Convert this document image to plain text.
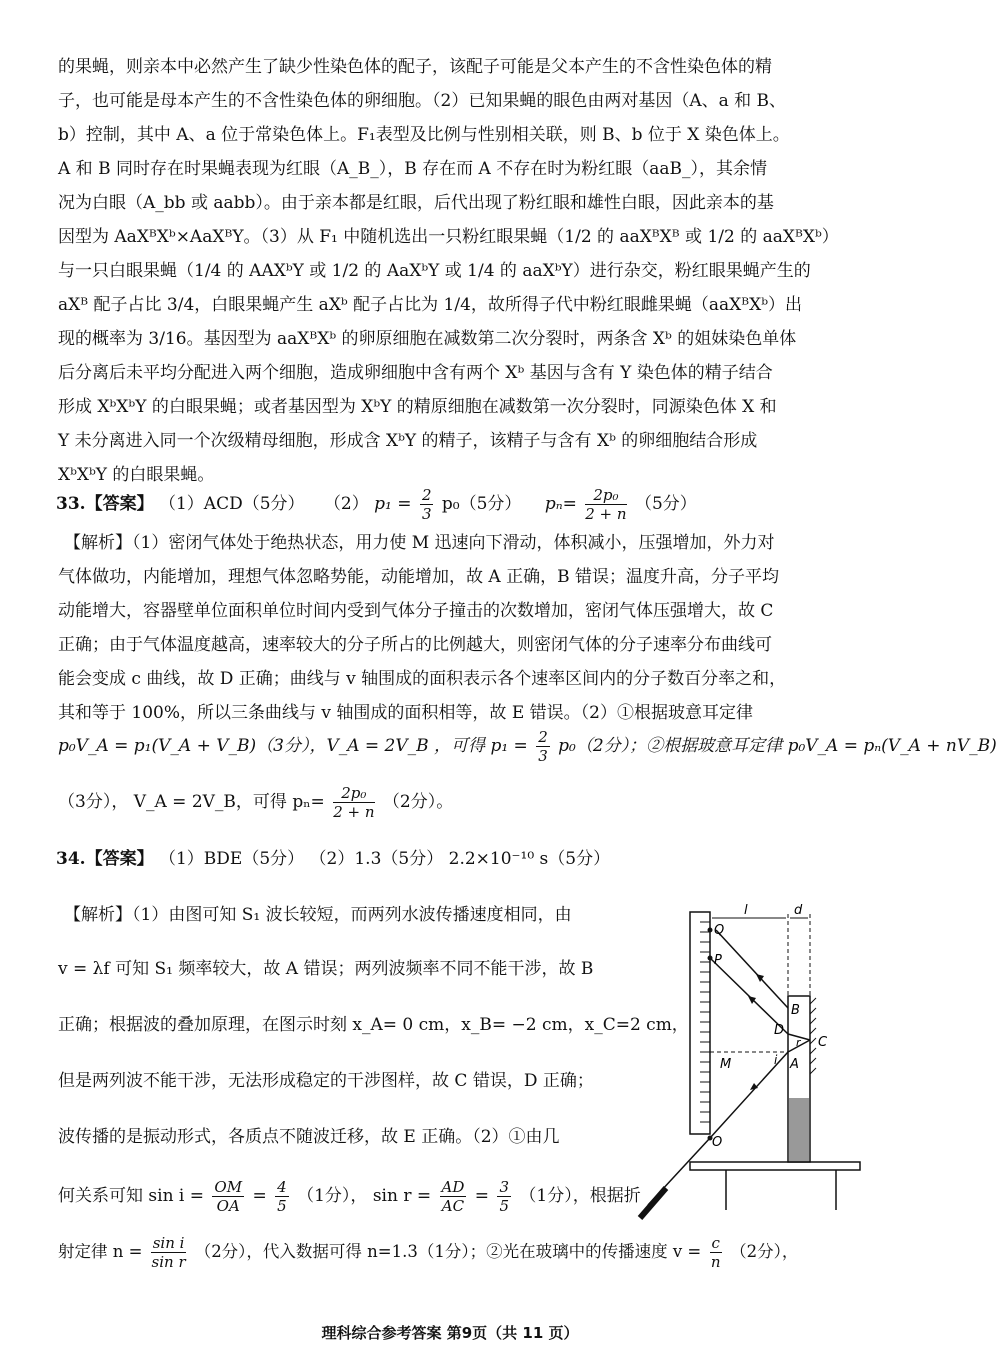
的果蝇，则亲本中必然产生了缺少性染色体的配子，该配子可能是父本产生的不含性染色体的精
子，也可能是母本产生的不含性染色体的卵细胞。（2）已知果蝇的眼色由两对基因（A、a 和 B、
b）控制，其中 A、a 位于常染色体上。F₁表型及比例与性别相关联，则 B、b 位于 X 染色体上。
A 和 B 同时存在时果蝇表现为红眼（A_B_），B 存在而 A 不存在时为粉红眼（aaB_），其余情
况为白眼（A_bb 或 aabb）。由于亲本都是红眼，后代出现了粉红眼和雄性白眼，因此亲本的基
因型为 AaXᴮXᵇ×AaXᴮY。（3）从 F₁ 中随机选出一只粉红眼果蝇（1/2 的 aaXᴮXᴮ 或 1/2 的 aaXᴮXᵇ）
与一只白眼果蝇（1/4 的 AAXᵇY 或 1/2 的 AaXᵇY 或 1/4 的 aaXᵇY）进行杂交，粉红眼果蝇产生的
aXᴮ 配子占比 3/4，白眼果蝇产生 aXᵇ 配子占比为 1/4，故所得子代中粉红眼雌果蝇（aaXᴮXᵇ）出
现的概率为 3/16。基因型为 aaXᴮXᵇ 的卵原细胞在减数第二次分裂时，两条含 Xᵇ 的姐妹染色单体
后分离后未平均分配进入两个细胞，造成卵细胞中含有两个 Xᵇ 基因与含有 Y 染色体的精子结合
形成 XᵇXᵇY 的白眼果蝇；或者基因型为 XᵇY 的精原细胞在减数第一次分裂时，同源染色体 X 和
Y 未分离进入同一个次级精母细胞，形成含 XᵇY 的精子，该精子与含有 Xᵇ 的卵细胞结合形成
XᵇXᵇY 的白眼果蝇。
33.【答案】 （1）ACD（5分） （2） $p_1 = \frac{2}{3} p_0(5$分） $p_n= \frac{\text{2p₀}}{2 + n} (5$分）
【解析】（1）密闭气体处于绝热状态，用力使 M 迅速向下滑动，体积减小，压强增加，外力对
气体做功，内能增加，理想气体忽略势能，动能增加，故 A 正确，B 错误；温度升高，分子平均
动能增大，容器壁单位面积单位时间内受到气体分子撞击的次数增加，密闭气体压强增大，故 C
正确；由于气体温度越高，速率较大的分子所占的比例越大，则密闭气体的分子速率分布曲线可
能会变成 c 曲线，故 D 正确；曲线与 v 轴围成的面积表示各个速率区间内的分子数百分率之和，
其和等于 100%，所以三条曲线与 v 轴围成的面积相等，故 E 错误。（2）①根据玻意耳定律
p₀V_A = p₁(V_A + V_B)（3分），V_A = 2V_B ，可得 $p_1 = \frac{2}{3} p_0(2$分）；②根据玻意耳定律 p₀V_A = pₙ(V_A + nV_B)
（3分）， V_A = 2V_B，可得 $p_n= \frac{\text{2p₀}}{2 + n} (2$分）。
34.【答案】 （1）BDE（5分） （2）1.3（5分） 2.2×10⁻¹⁰ s（5分）
【解析】（1）由图可知 S₁ 波长较短，而两列水波传播速度相同，由
v = λf 可知 S₁ 频率较大，故 A 错误；两列波频率不同不能干涉，故 B
正确；根据波的叠加原理，在图示时刻 x_A= 0 cm，x_B= −2 cm，x_C=2 cm，
但是两列波不能干涉，无法形成稳定的干涉图样，故 C 错误，D 正确；
波传播的是振动形式，各质点不随波迁移，故 E 正确。（2）①由几
何关系可知 $\sin i = \frac{OM}{OA} = \frac{4}{5} (1$分）， $\sin r = \frac{AD}{AC} = \frac{3}{5} (1$分），根据折
射定律 $n = \frac{\text{sin i}}{\text{sin r}} (2$分），代入数据可得 n=1.3（1分）；②光在玻璃中的传播速度 $v = \frac{c}{n} (2$分），
l	d
Q
P
B
D
r C
M	i A
O
理科综合参考答案 第9页（共 11 页）
